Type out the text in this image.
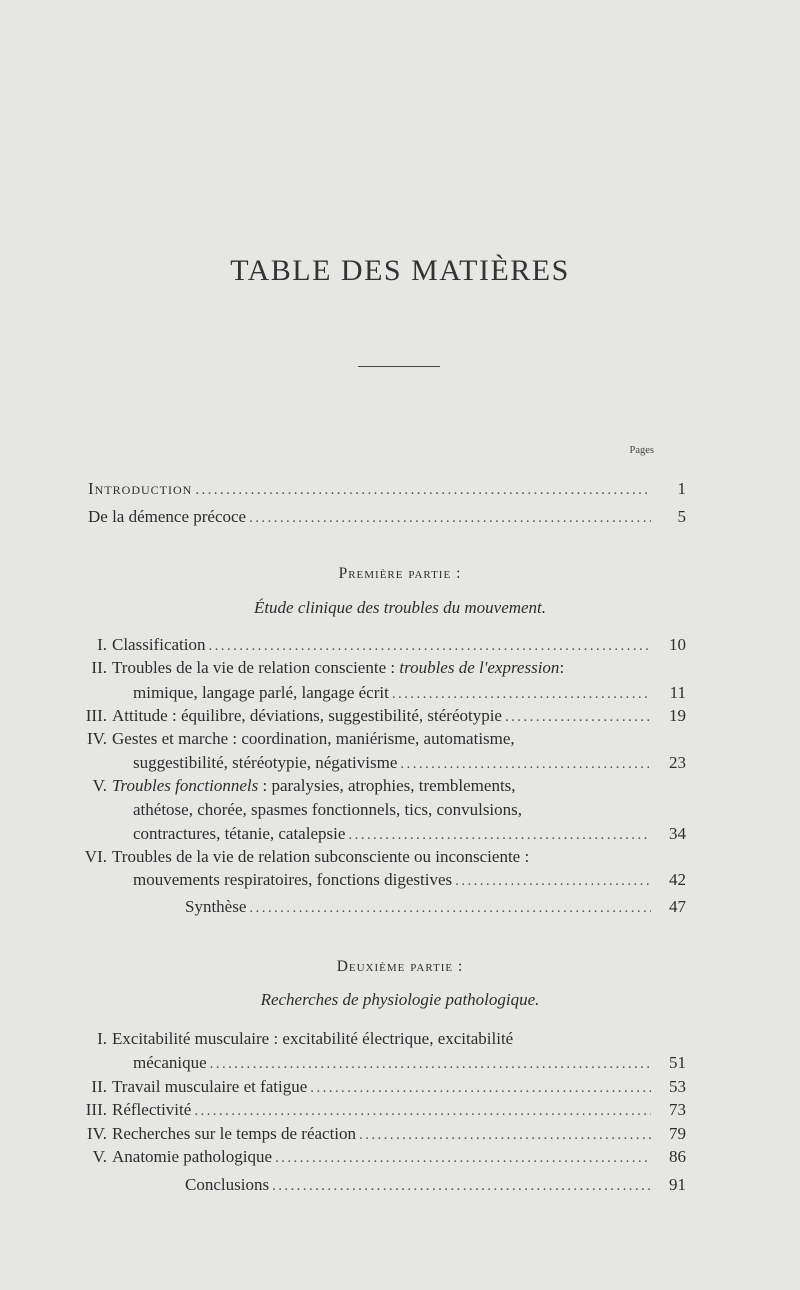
TABLE DES MATIÈRES
Pages
Introduction .....	1
De la démence précoce .....	5
Première partie :
Étude clinique des troubles du mouvement.
I. Classification .....	10
II. Troubles de la vie de relation consciente : troubles de l'expression:
mimique, langage parlé, langage écrit .....	11
III. Attitude : équilibre, déviations, suggestibilité, stéréotypie .....	19
IV. Gestes et marche : coordination, maniérisme, automatisme,
suggestibilité, stéréotypie, négativisme .....	23
V. Troubles fonctionnels : paralysies, atrophies, tremblements,
athétose, chorée, spasmes fonctionnels, tics, convulsions,
contractures, tétanie, catalepsie .....	34
VI. Troubles de la vie de relation subconsciente ou inconsciente :
mouvements respiratoires, fonctions digestives .....	42
Synthèse .....	47
Deuxième partie :
Recherches de physiologie pathologique.
I. Excitabilité musculaire : excitabilité électrique, excitabilité
mécanique .....	51
II. Travail musculaire et fatigue .....	53
III. Réflectivité .....	73
IV. Recherches sur le temps de réaction .....	79
V. Anatomie pathologique .....	86
Conclusions .....	91
